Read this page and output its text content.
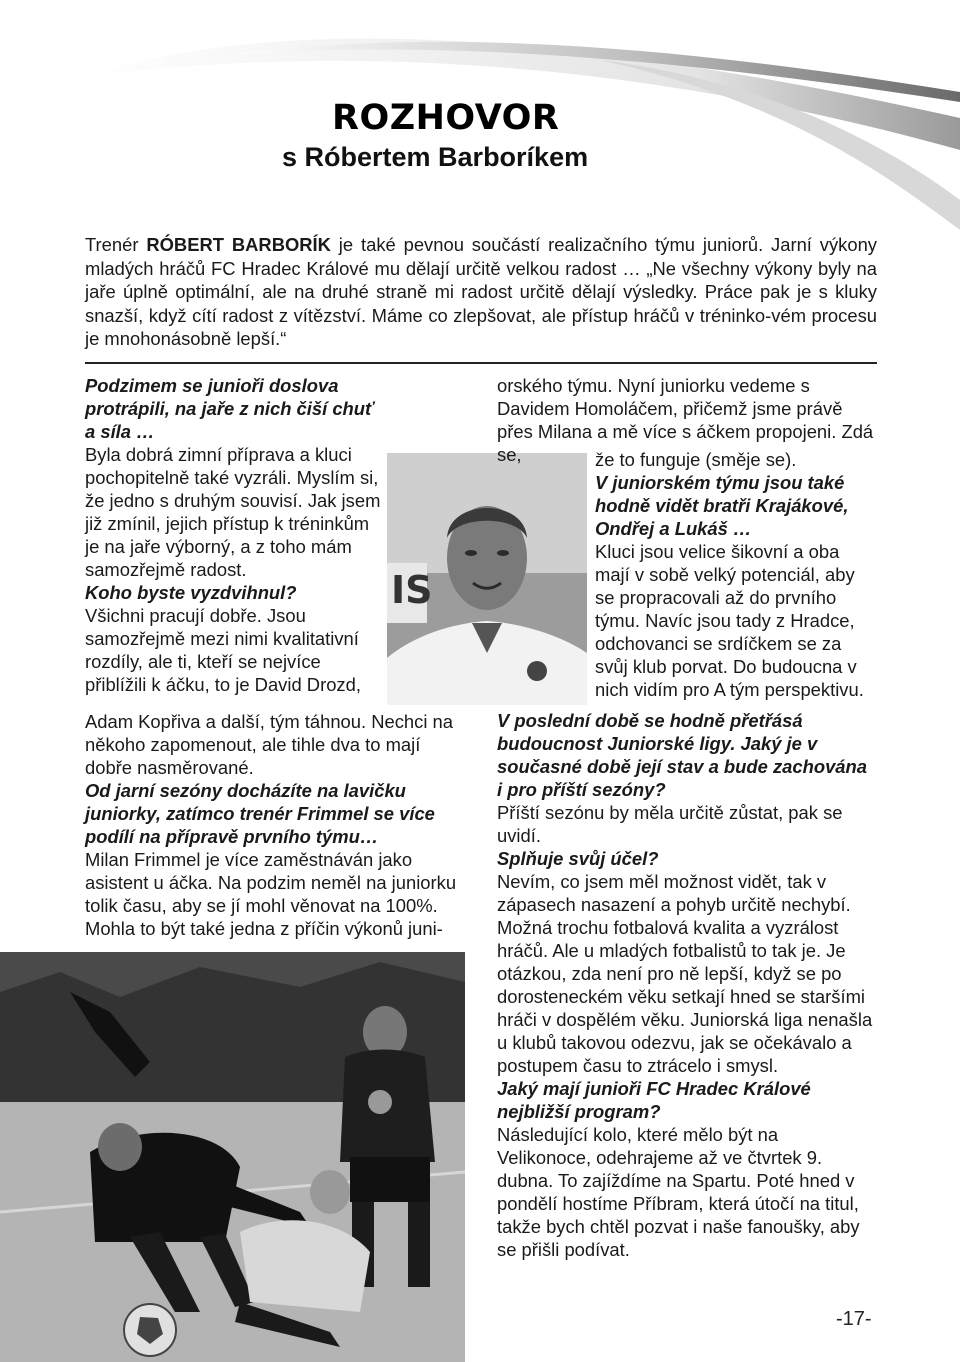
ROZHOVOR
s Róbertem Barboríkem

Trenér RÓBERT BARBORÍK je také pevnou součástí realizačního týmu juniorů. Jarní výkony mladých hráčů FC Hradec Králové mu dělají určitě velkou radost … „Ne všechny výkony byly na jaře úplně optimální, ale na druhé straně mi radost určitě dělají výsledky. Práce pak je s kluky snazší, když cítí radost z vítězství. Máme co zlepšovat, ale přístup hráčů v tréninko-vém procesu je mnohonásobně lepší.“

Podzimem se junioři doslova protrápili, na jaře z nich čiší chuť a síla …

Byla dobrá zimní příprava a kluci pochopitelně také vyzráli. Myslím si, že jedno s druhým souvisí. Jak jsem již zmínil, jejich přístup k tréninkům je na jaře výborný, a z toho mám samozřejmě radost.

Koho byste vyzdvihnul?

Všichni pracují dobře. Jsou samozřejmě mezi nimi kvalitativní rozdíly, ale ti, kteří se nejvíce přiblížili k áčku, to je David Drozd,

IS

Adam Kopřiva a další, tým táhnou. Nechci na někoho zapomenout, ale tihle dva to mají dobře nasměrované.

Od jarní sezóny docházíte na lavičku juniorky, zatímco trenér Frimmel se více podílí na přípravě prvního týmu…

Milan Frimmel je více zaměstnáván jako asistent u áčka. Na podzim neměl na juniorku tolik času, aby se jí mohl věnovat na 100%. Mohla to být také jedna z příčin výkonů juni-

orského týmu. Nyní juniorku vedeme s Davidem Homoláčem, přičemž jsme právě přes Milana a mě více s áčkem propojeni. Zdá se,	že to funguje (směje se).

V juniorském týmu jsou také hodně vidět bratři Krajákové, Ondřej a Lukáš …

Kluci jsou velice šikovní a oba mají v sobě velký potenciál, aby se propracovali až do prvního týmu. Navíc jsou tady z Hradce, odchovanci se srdíčkem se za svůj klub porvat. Do budoucna v nich vidím pro A tým perspektivu.

V poslední době se hodně přetřásá budoucnost Juniorské ligy. Jaký je v současné době její stav a bude zachována i pro příští sezóny?

Příští sezónu by měla určitě zůstat, pak se uvidí.

Splňuje svůj účel?

Nevím, co jsem měl možnost vidět, tak v zápasech nasazení a pohyb určitě nechybí. Možná trochu fotbalová kvalita a vyzrálost hráčů. Ale u mladých fotbalistů to tak je. Je otázkou, zda není pro ně lepší, když se po dorosteneckém věku setkají hned se staršími hráči v dospělém věku. Juniorská liga nenašla u klubů takovou odezvu, jak se očekávalo a postupem času to ztrácelo i smysl.

Jaký mají junioři FC Hradec Králové nejbližší program?

Následující kolo, které mělo být na Velikonoce, odehrajeme až ve čtvrtek 9. dubna. To zajíždíme na Spartu. Poté hned v pondělí hostíme Příbram, která útočí na titul, takže bych chtěl pozvat i naše fanoušky, aby se přišli podívat.

-17-
